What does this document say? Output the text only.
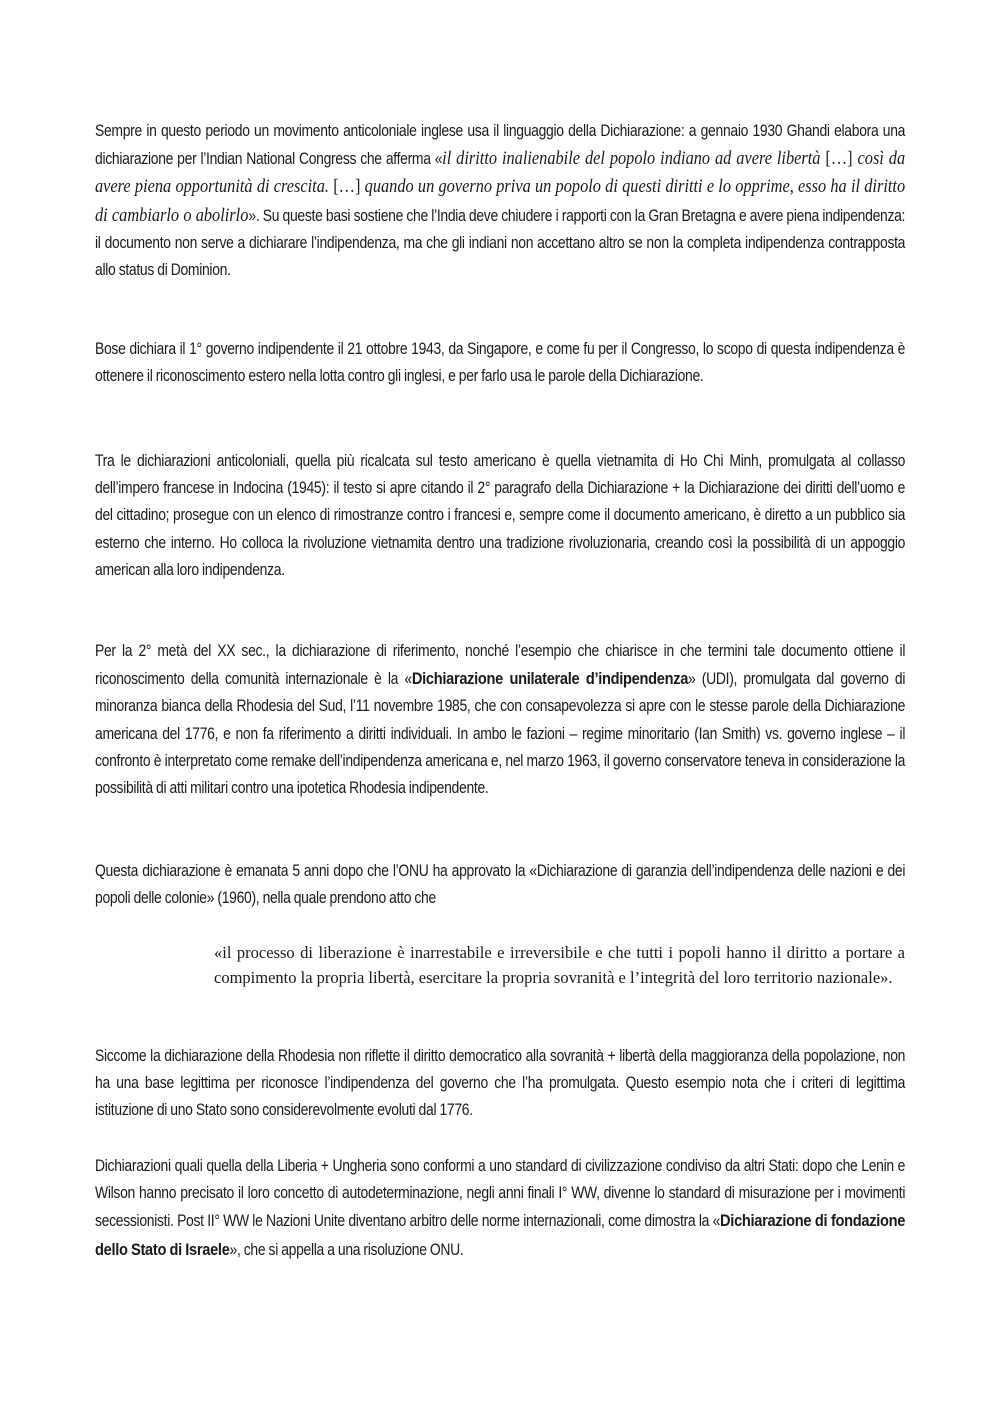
Sempre in questo periodo un movimento anticoloniale inglese usa il linguaggio della Dichiarazione: a gennaio 1930 Ghandi elabora una dichiarazione per l’Indian National Congress che afferma «il diritto inalienabile del popolo indiano ad avere libertà […] così da avere piena opportunità di crescita. […] quando un governo priva un popolo di questi diritti e lo opprime, esso ha il diritto di cambiarlo o abolirlo». Su queste basi sostiene che l’India deve chiudere i rapporti con la Gran Bretagna e avere piena indipendenza: il documento non serve a dichiarare l’indipendenza, ma che gli indiani non accettano altro se non la completa indipendenza contrapposta allo status di Dominion.

Bose dichiara il 1° governo indipendente il 21 ottobre 1943, da Singapore, e come fu per il Congresso, lo scopo di questa indipendenza è ottenere il riconoscimento estero nella lotta contro gli inglesi, e per farlo usa le parole della Dichiarazione.

Tra le dichiarazioni anticoloniali, quella più ricalcata sul testo americano è quella vietnamita di Ho Chi Minh, promulgata al collasso dell’impero francese in Indocina (1945): il testo si apre citando il 2° paragrafo della Dichiarazione + la Dichiarazione dei diritti dell’uomo e del cittadino; prosegue con un elenco di rimostranze contro i francesi e, sempre come il documento americano, è diretto a un pubblico sia esterno che interno. Ho colloca la rivoluzione vietnamita dentro una tradizione rivoluzionaria, creando così la possibilità di un appoggio american alla loro indipendenza.

Per la 2° metà del XX sec., la dichiarazione di riferimento, nonché l’esempio che chiarisce in che termini tale documento ottiene il riconoscimento della comunità internazionale è la «Dichiarazione unilaterale d’indipendenza» (UDI), promulgata dal governo di minoranza bianca della Rhodesia del Sud, l’11 novembre 1985, che con consapevolezza si apre con le stesse parole della Dichiarazione americana del 1776, e non fa riferimento a diritti individuali. In ambo le fazioni – regime minoritario (Ian Smith) vs. governo inglese – il confronto è interpretato come remake dell’indipendenza americana e, nel marzo 1963, il governo conservatore teneva in considerazione la possibilità di atti militari contro una ipotetica Rhodesia indipendente.

Questa dichiarazione è emanata 5 anni dopo che l’ONU ha approvato la «Dichiarazione di garanzia dell’indipendenza delle nazioni e dei popoli delle colonie» (1960), nella quale prendono atto che

«il processo di liberazione è inarrestabile e irreversibile e che tutti i popoli hanno il diritto a portare a compimento la propria libertà, esercitare la propria sovranità e l’integrità del loro territorio nazionale».

Siccome la dichiarazione della Rhodesia non riflette il diritto democratico alla sovranità + libertà della maggioranza della popolazione, non ha una base legittima per riconosce l’indipendenza del governo che l’ha promulgata. Questo esempio nota che i criteri di legittima istituzione di uno Stato sono considerevolmente evoluti dal 1776.

Dichiarazioni quali quella della Liberia + Ungheria sono conformi a uno standard di civilizzazione condiviso da altri Stati: dopo che Lenin e Wilson hanno precisato il loro concetto di autodeterminazione, negli anni finali I° WW, divenne lo standard di misurazione per i movimenti secessionisti. Post II° WW le Nazioni Unite diventano arbitro delle norme internazionali, come dimostra la «Dichiarazione di fondazione dello Stato di Israele», che si appella a una risoluzione ONU.
